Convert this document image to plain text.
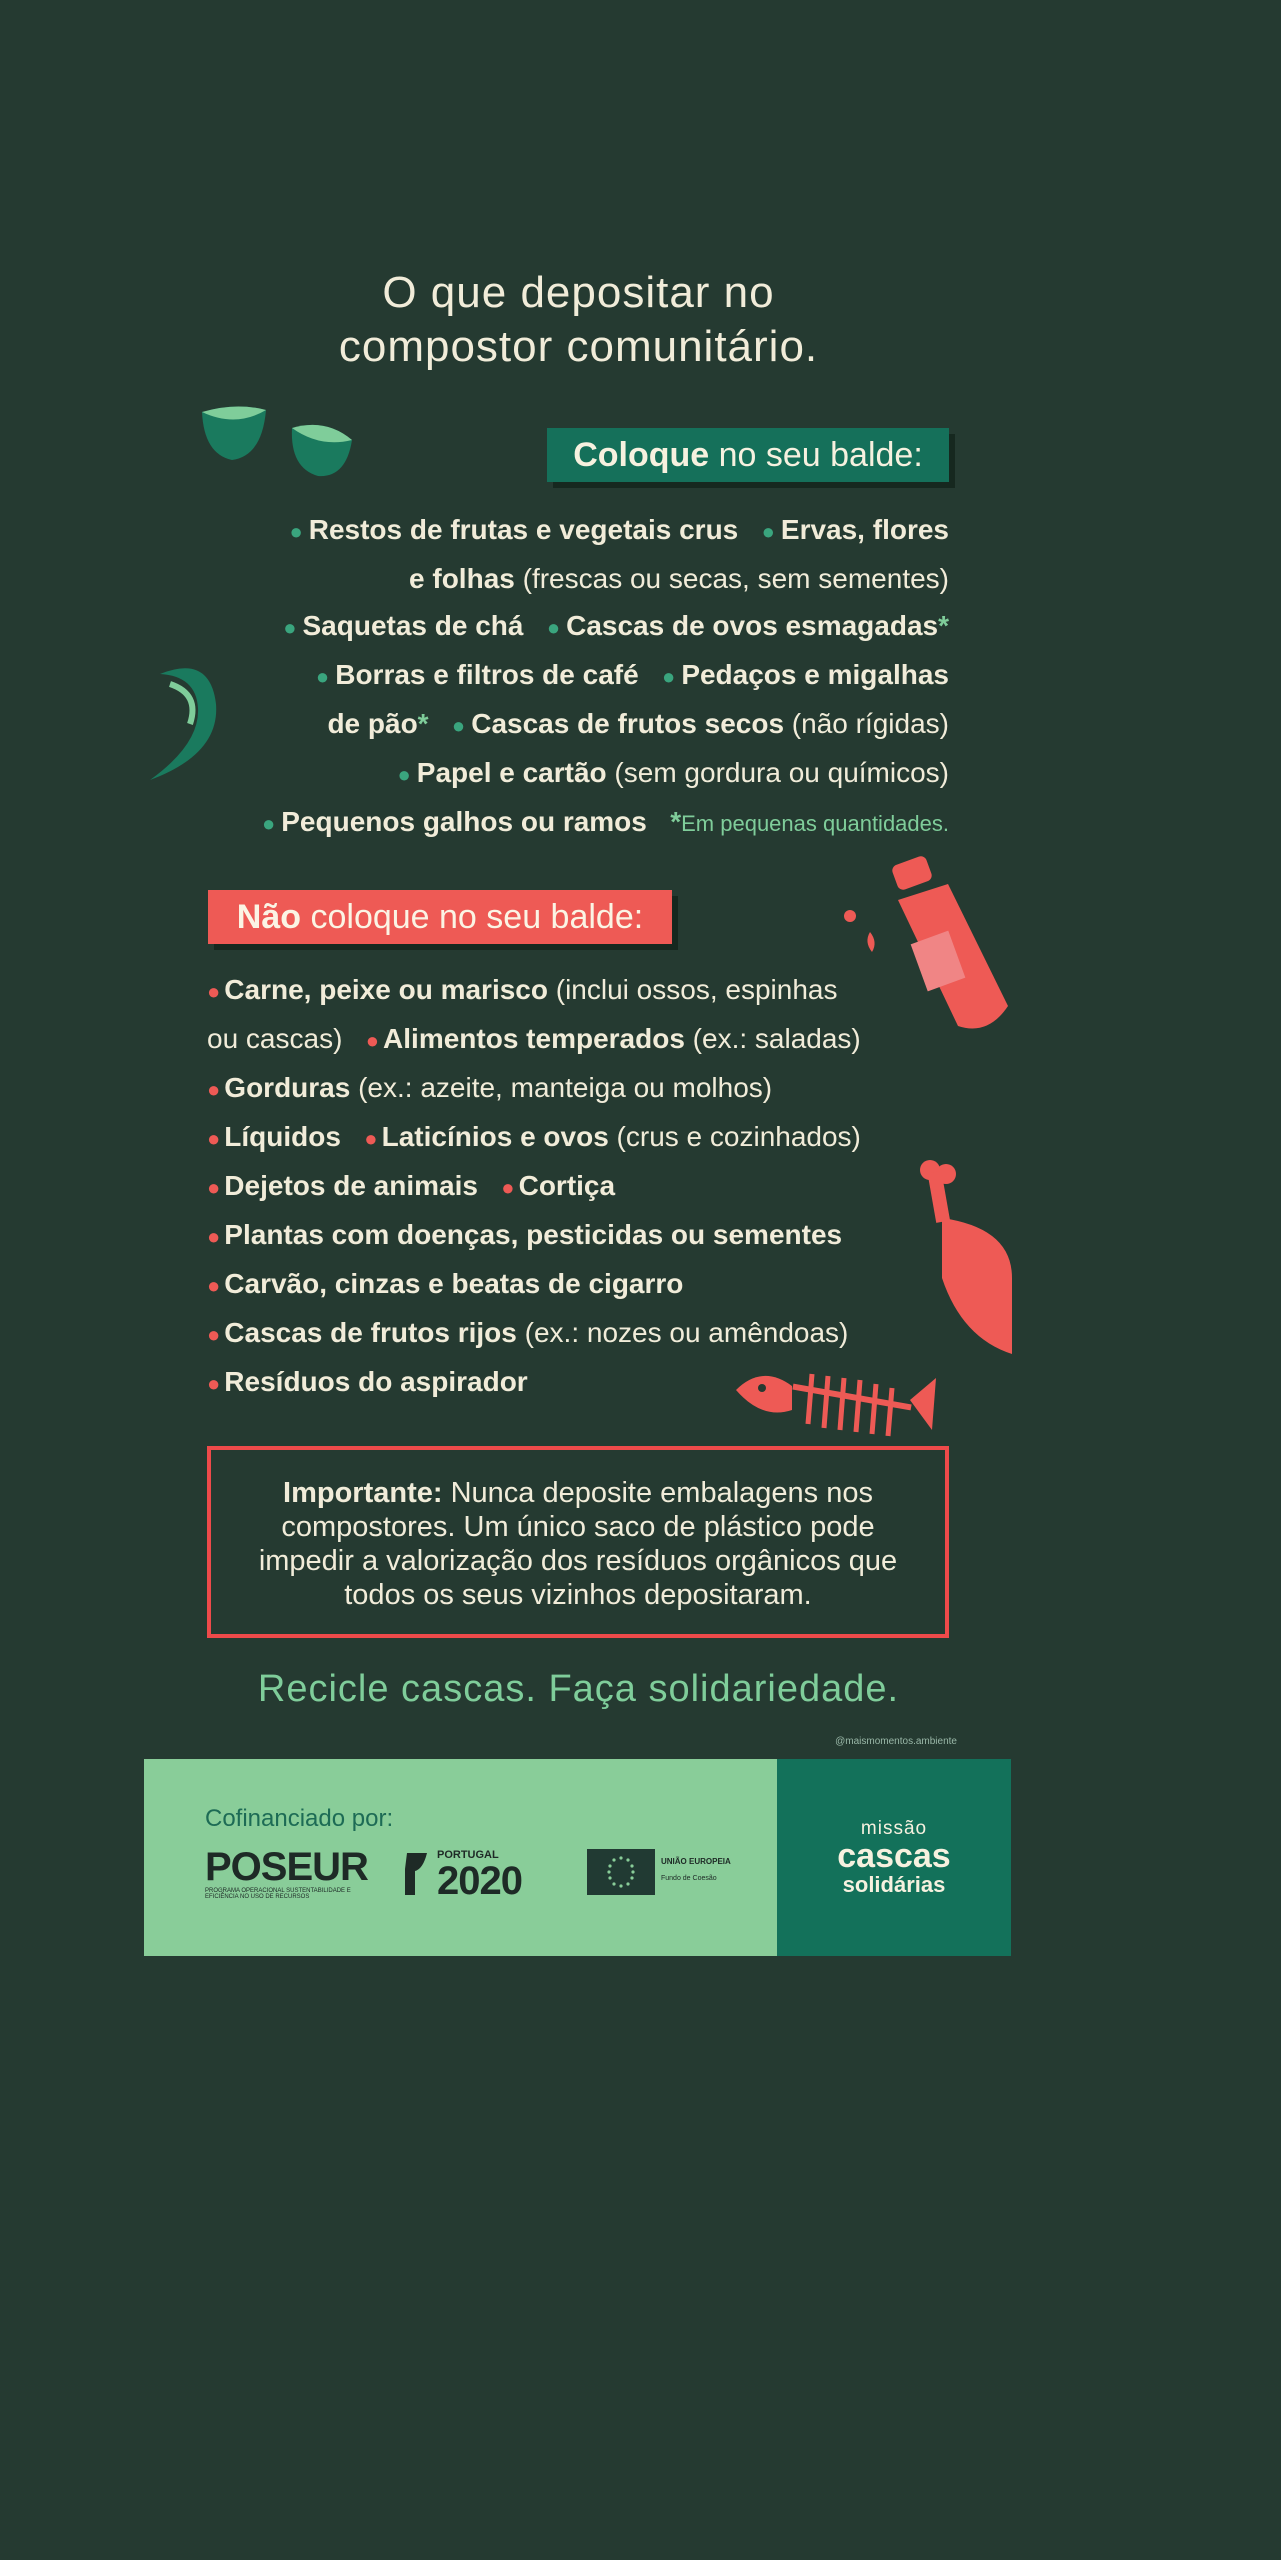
O que depositar no
compostor comunitário.
Coloque no seu balde:
● Restos de frutas e vegetais crus ● Ervas, flores
e folhas (frescas ou secas, sem sementes)
● Saquetas de chá ● Cascas de ovos esmagadas*
● Borras e filtros de café ● Pedaços e migalhas
de pão* ● Cascas de frutos secos (não rígidas)
● Papel e cartão (sem gordura ou químicos)
● Pequenos galhos ou ramos *Em pequenas quantidades.
Não coloque no seu balde:
● Carne, peixe ou marisco (inclui ossos, espinhas
ou cascas) ● Alimentos temperados (ex.: saladas)
● Gorduras (ex.: azeite, manteiga ou molhos)
● Líquidos ● Laticínios e ovos (crus e cozinhados)
● Dejetos de animais ● Cortiça
● Plantas com doenças, pesticidas ou sementes
● Carvão, cinzas e beatas de cigarro
● Cascas de frutos rijos (ex.: nozes ou amêndoas)
● Resíduos do aspirador
Importante: Nunca deposite embalagens nos compostores. Um único saco de plástico pode impedir a valorização dos resíduos orgânicos que todos os seus vizinhos depositaram.
Recicle cascas. Faça solidariedade.
@maismomentos.ambiente
Cofinanciado por:
POSEUR
PROGRAMA OPERACIONAL SUSTENTABILIDADE E EFICIÊNCIA NO USO DE RECURSOS
PORTUGAL
2020	UNIÃO EUROPEIA
Fundo de Coesão
missão
cascas
solidárias
